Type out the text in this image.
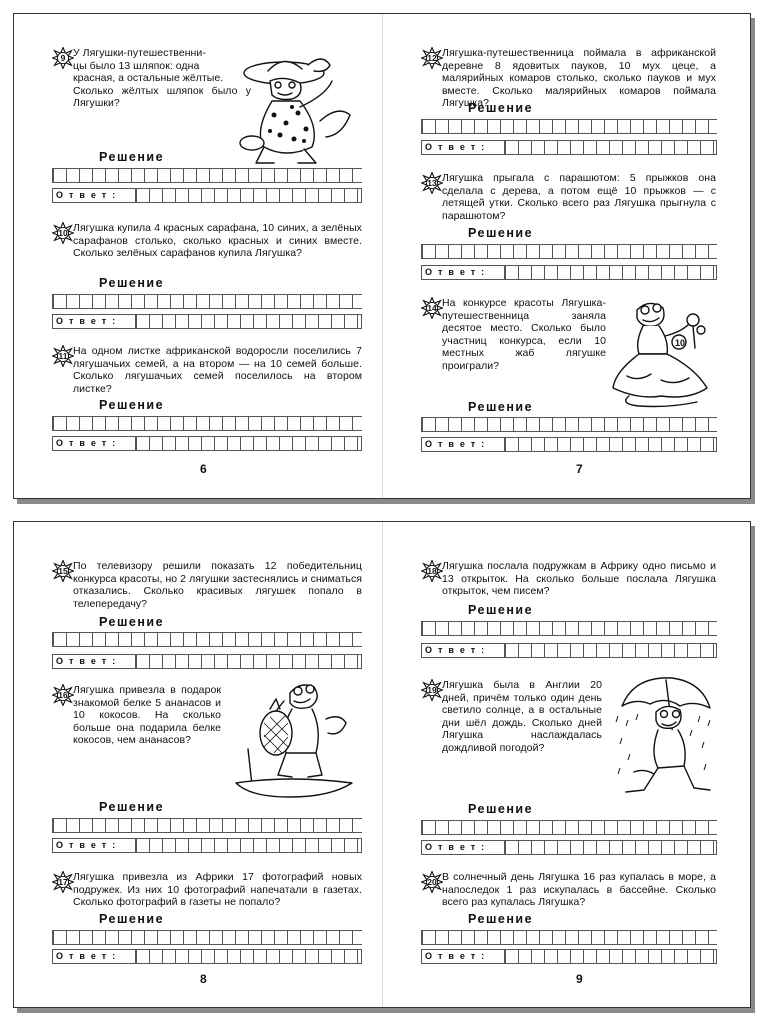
9 У Лягушки-путешественни-
цы было 13 шляпок: одна
красная, а остальные жёлтые.
Сколько жёлтых шляпок было у Лягушки?
Решение
Ответ:
10 Лягушка купила 4 красных сарафана, 10 синих, а зелёных сарафанов столько, сколько красных и синих вместе. Сколько зелёных сарафанов купила Лягушка?
Решение
Ответ:
11 На одном листке африканской водоросли поселились 7 лягушачьих семей, а на втором — на 10 семей больше. Сколько лягушачьих семей поселилось на втором листке?
Решение
Ответ:
6
12 Лягушка-путешественница поймала в африканской деревне 8 ядовитых пауков, 10 мух цеце, а малярийных комаров столько, сколько пауков и мух вместе. Сколько малярийных комаров поймала Лягушка?
Решение
Ответ:
13 Лягушка прыгала с парашютом: 5 прыжков она сделала с дерева, а потом ещё 10 прыжков — с летящей утки. Сколько всего раз Лягушка прыгнула с парашютом?
Решение
Ответ:
14 На конкурсе красоты Лягушка-путешественница заняла десятое место. Сколько было участниц конкурса, если 10 местных жаб лягушке проиграли?
10
Решение
Ответ:
7
15 По телевизору решили показать 12 победительниц конкурса красоты, но 2 лягушки застеснялись и сниматься отказались. Сколько красивых лягушек попало в телепередачу?
Решение
Ответ:
16 Лягушка привезла в подарок знакомой белке 5 ананасов и 10 кокосов. На сколько больше она подарила белке кокосов, чем ананасов?
Решение
Ответ:
17 Лягушка привезла из Африки 17 фотографий новых подружек. Из них 10 фотографий напечатали в газетах. Сколько фотографий в газеты не попало?
Решение
Ответ:
8
18 Лягушка послала подружкам в Африку одно письмо и 13 открыток. На сколько больше послала Лягушка открыток, чем писем?
Решение
Ответ:
19 Лягушка была в Англии 20 дней, причём только один день светило солнце, а в остальные дни шёл дождь. Сколько дней Лягушка наслаждалась дождливой погодой?
Решение
Ответ:
20 В солнечный день Лягушка 16 раз купалась в море, а напоследок 1 раз искупалась в бассейне. Сколько всего раз купалась Лягушка?
Решение
Ответ:
9
